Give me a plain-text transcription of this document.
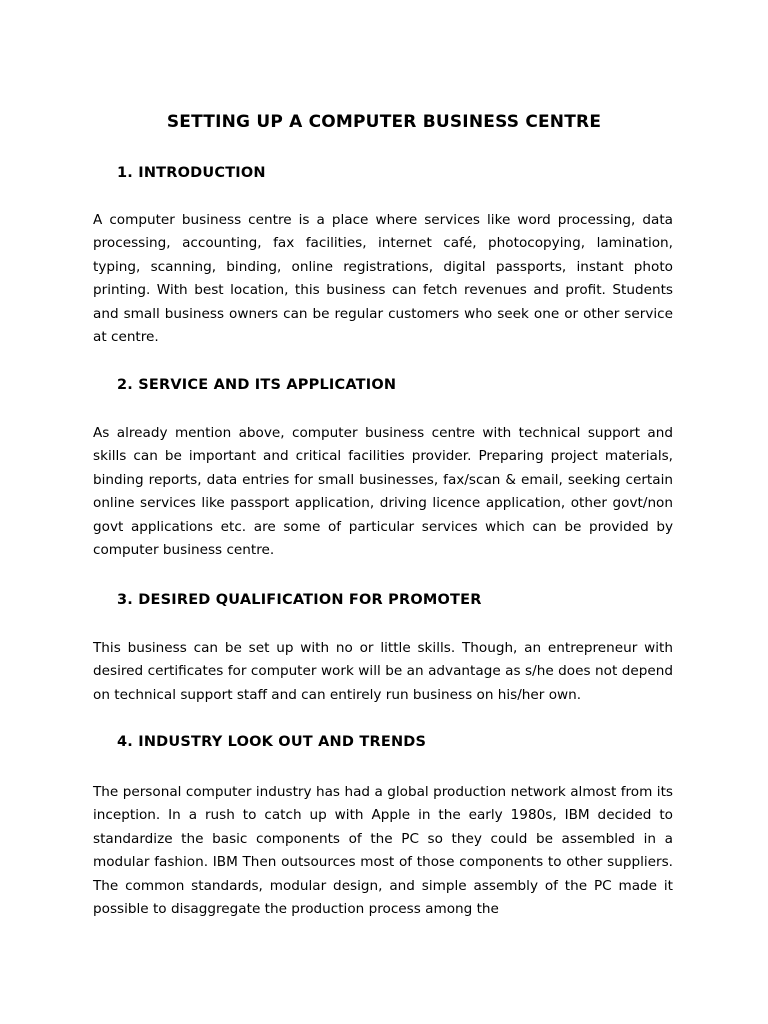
SETTING UP A COMPUTER BUSINESS CENTRE
1. INTRODUCTION

A computer business centre is a place where services like word processing, data processing, accounting, fax facilities, internet café, photocopying, lamination, typing, scanning, binding, online registrations, digital passports, instant photo printing. With best location, this business can fetch revenues and profit. Students and small business owners can be regular customers who seek one or other service at centre.

2. SERVICE AND ITS APPLICATION

As already mention above, computer business centre with technical support and skills can be important and critical facilities provider. Preparing project materials, binding reports, data entries for small businesses, fax/scan & email, seeking certain online services like passport application, driving licence application, other govt/non govt applications etc. are some of particular services which can be provided by computer business centre.

3. DESIRED QUALIFICATION FOR PROMOTER

This business can be set up with no or little skills. Though, an entrepreneur with desired certificates for computer work will be an advantage as s/he does not depend on technical support staff and can entirely run business on his/her own.

4. INDUSTRY LOOK OUT AND TRENDS

The personal computer industry has had a global production network almost from its inception. In a rush to catch up with Apple in the early 1980s, IBM decided to standardize the basic components of the PC so they could be assembled in a modular fashion. IBM Then outsources most of those components to other suppliers. The common standards, modular design, and simple assembly of the PC made it possible to disaggregate the production process among the
